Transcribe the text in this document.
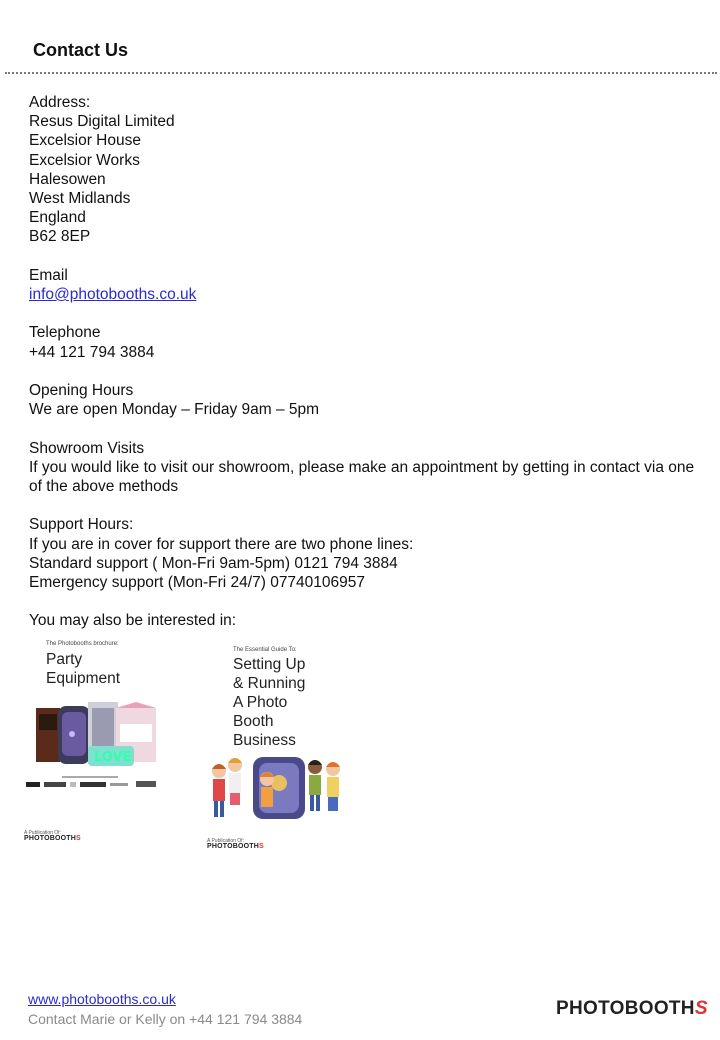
Contact Us
Address:
Resus Digital Limited
Excelsior House
Excelsior Works
Halesowen
West Midlands
England
B62 8EP
Email
info@photobooths.co.uk
Telephone
+44 121 794 3884
Opening Hours
We are open Monday – Friday 9am – 5pm
Showroom Visits
If you would like to visit our showroom, please make an appointment by getting in contact via one of the above methods
Support Hours:
If you are in cover for support there are two phone lines:
Standard support ( Mon-Fri 9am-5pm) 0121 794 3884
Emergency support (Mon-Fri 24/7) 07740106957
You may also be interested in:
The Photobooths brochure:
Party
Equipment
LOVE
A Publication Of:
PHOTOBOOTHS
The Essential Guide To:
Setting Up
& Running
A Photo
Booth
Business
A Publication Of:
PHOTOBOOTHS
www.photobooths.co.uk
Contact Marie or Kelly on +44 121 794 3884	PHOTOBOOTHS
